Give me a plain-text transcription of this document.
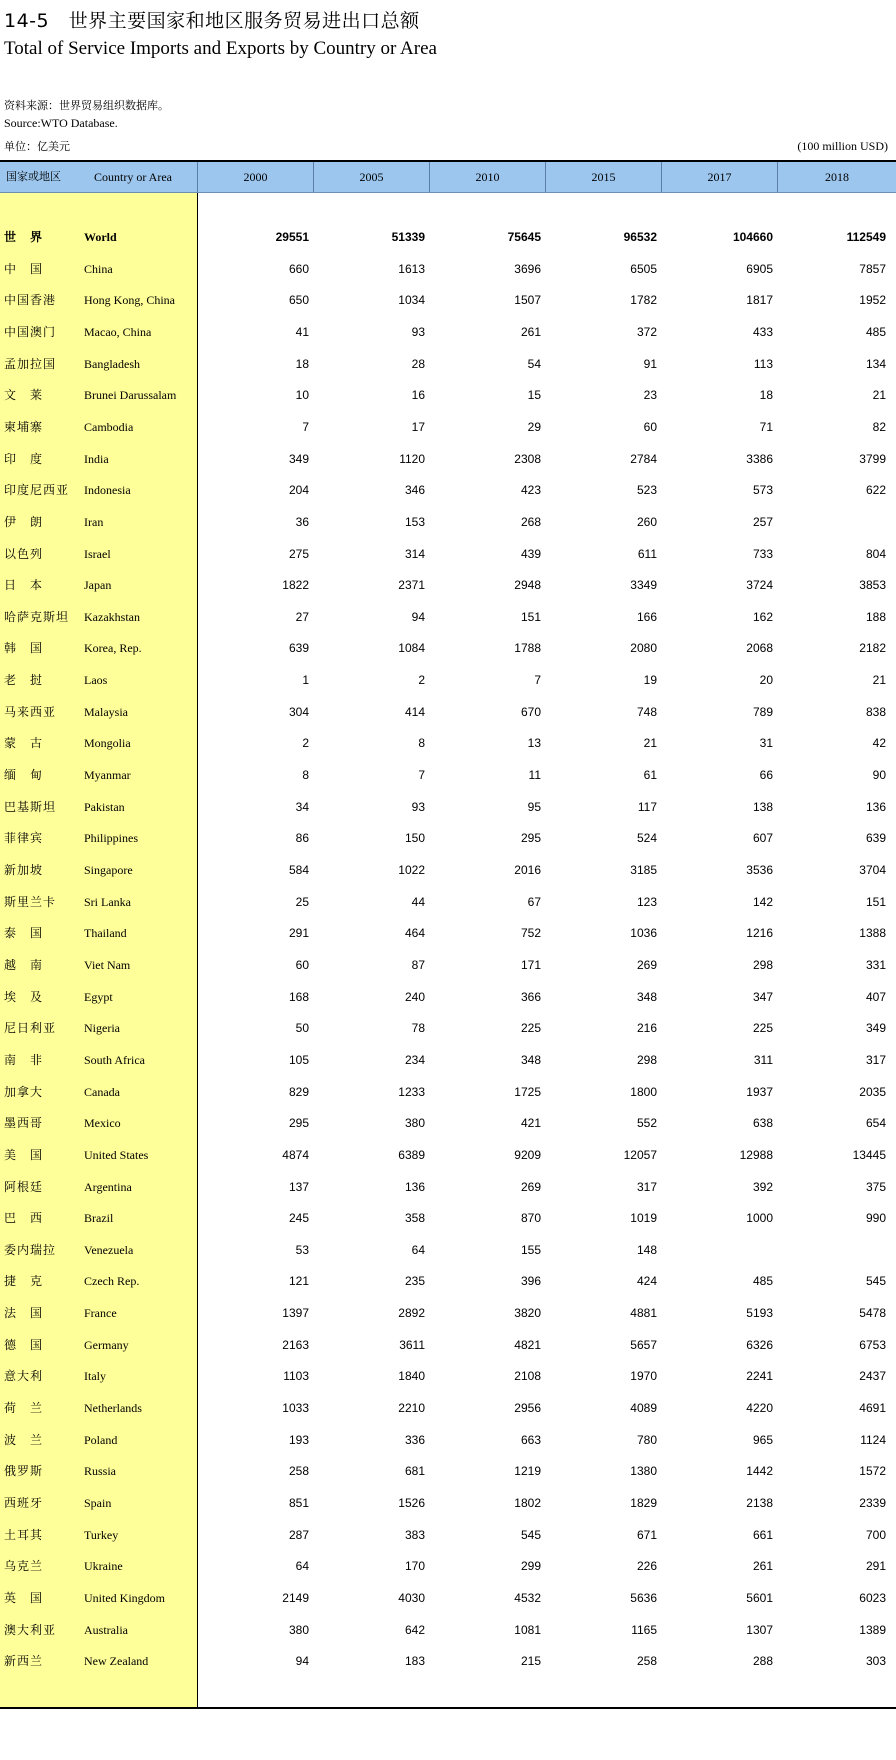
14-5　世界主要国家和地区服务贸易进出口总额
Total of Service Imports and Exports by Country or Area
资料来源：世界贸易组织数据库。
Source:WTO Database.
单位：亿美元	(100 million USD)
国家或地区	Country or Area	2000	2005	2010	2015	2017	2018
世　界	World	29551	51339	75645	96532	104660	112549
中　国	China	660	1613	3696	6505	6905	7857
中国香港 Hong Kong, China	650	1034	1507	1782	1817	1952
中国澳门 Macao, China	41	93	261	372	433	485
孟加拉国 Bangladesh	18	28	54	91	113	134
文　莱	Brunei Darussalam	10	16	15	23	18	21
柬埔寨	Cambodia	7	17	29	60	71	82
印　度	India	349	1120	2308	2784	3386	3799
印度尼西亚 Indonesia	204	346	423	523	573	622
伊　朗	Iran	36	153	268	260	257
以色列	Israel	275	314	439	611	733	804
日　本	Japan	1822	2371	2948	3349	3724	3853
哈萨克斯坦 Kazakhstan	27	94	151	166	162	188
韩　国	Korea, Rep.	639	1084	1788	2080	2068	2182
老　挝	Laos	1	2	7	19	20	21
马来西亚 Malaysia	304	414	670	748	789	838
蒙　古	Mongolia	2	8	13	21	31	42
缅　甸	Myanmar	8	7	11	61	66	90
巴基斯坦 Pakistan	34	93	95	117	138	136
菲律宾	Philippines	86	150	295	524	607	639
新加坡	Singapore	584	1022	2016	3185	3536	3704
斯里兰卡 Sri Lanka	25	44	67	123	142	151
泰　国	Thailand	291	464	752	1036	1216	1388
越　南	Viet Nam	60	87	171	269	298	331
埃　及	Egypt	168	240	366	348	347	407
尼日利亚 Nigeria	50	78	225	216	225	349
南　非	South Africa	105	234	348	298	311	317
加拿大	Canada	829	1233	1725	1800	1937	2035
墨西哥	Mexico	295	380	421	552	638	654
美　国	United States	4874	6389	9209	12057	12988	13445
阿根廷	Argentina	137	136	269	317	392	375
巴　西	Brazil	245	358	870	1019	1000	990
委内瑞拉 Venezuela	53	64	155	148
捷　克	Czech Rep.	121	235	396	424	485	545
法　国	France	1397	2892	3820	4881	5193	5478
德　国	Germany	2163	3611	4821	5657	6326	6753
意大利	Italy	1103	1840	2108	1970	2241	2437
荷　兰	Netherlands	1033	2210	2956	4089	4220	4691
波　兰	Poland	193	336	663	780	965	1124
俄罗斯	Russia	258	681	1219	1380	1442	1572
西班牙	Spain	851	1526	1802	1829	2138	2339
土耳其	Turkey	287	383	545	671	661	700
乌克兰	Ukraine	64	170	299	226	261	291
英　国	United Kingdom	2149	4030	4532	5636	5601	6023
澳大利亚 Australia	380	642	1081	1165	1307	1389
新西兰	New Zealand	94	183	215	258	288	303
